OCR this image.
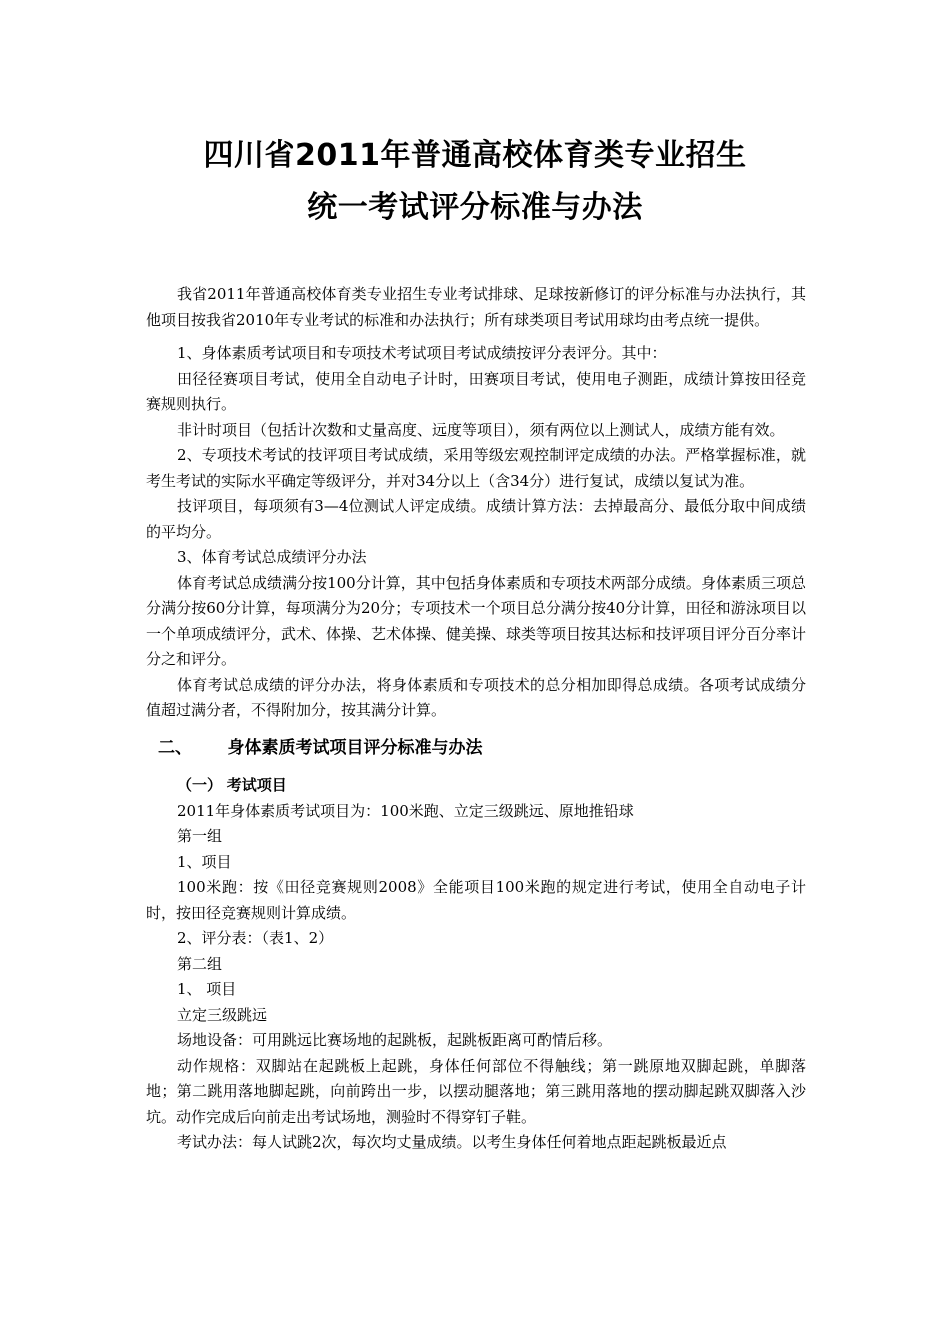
四川省2011年普通高校体育类专业招生
统一考试评分标准与办法

我省2011年普通高校体育类专业招生专业考试排球、足球按新修订的评分标准与办法执行，其他项目按我省2010年专业考试的标准和办法执行；所有球类项目考试用球均由考点统一提供。

1、身体素质考试项目和专项技术考试项目考试成绩按评分表评分。其中：

田径径赛项目考试，使用全自动电子计时，田赛项目考试，使用电子测距，成绩计算按田径竞赛规则执行。

非计时项目（包括计次数和丈量高度、远度等项目），须有两位以上测试人，成绩方能有效。

2、专项技术考试的技评项目考试成绩，采用等级宏观控制评定成绩的办法。严格掌握标准，就考生考试的实际水平确定等级评分，并对34分以上（含34分）进行复试，成绩以复试为准。

技评项目，每项须有3—4位测试人评定成绩。成绩计算方法：去掉最高分、最低分取中间成绩的平均分。

3、体育考试总成绩评分办法

体育考试总成绩满分按100分计算，其中包括身体素质和专项技术两部分成绩。身体素质三项总分满分按60分计算，每项满分为20分；专项技术一个项目总分满分按40分计算，田径和游泳项目以一个单项成绩评分，武术、体操、艺术体操、健美操、球类等项目按其达标和技评项目评分百分率计分之和评分。

体育考试总成绩的评分办法，将身体素质和专项技术的总分相加即得总成绩。各项考试成绩分值超过满分者，不得附加分，按其满分计算。

二、 身体素质考试项目评分标准与办法

（一） 考试项目

2011年身体素质考试项目为：100米跑、立定三级跳远、原地推铅球

第一组

1、项目

100米跑：按《田径竞赛规则2008》全能项目100米跑的规定进行考试，使用全自动电子计时，按田径竞赛规则计算成绩。

2、评分表：（表1、2）

第二组

1、 项目

立定三级跳远

场地设备：可用跳远比赛场地的起跳板，起跳板距离可酌情后移。

动作规格：双脚站在起跳板上起跳，身体任何部位不得触线；第一跳原地双脚起跳，单脚落地；第二跳用落地脚起跳，向前跨出一步，以摆动腿落地；第三跳用落地的摆动脚起跳双脚落入沙坑。动作完成后向前走出考试场地，测验时不得穿钉子鞋。

考试办法：每人试跳2次，每次均丈量成绩。以考生身体任何着地点距起跳板最近点
